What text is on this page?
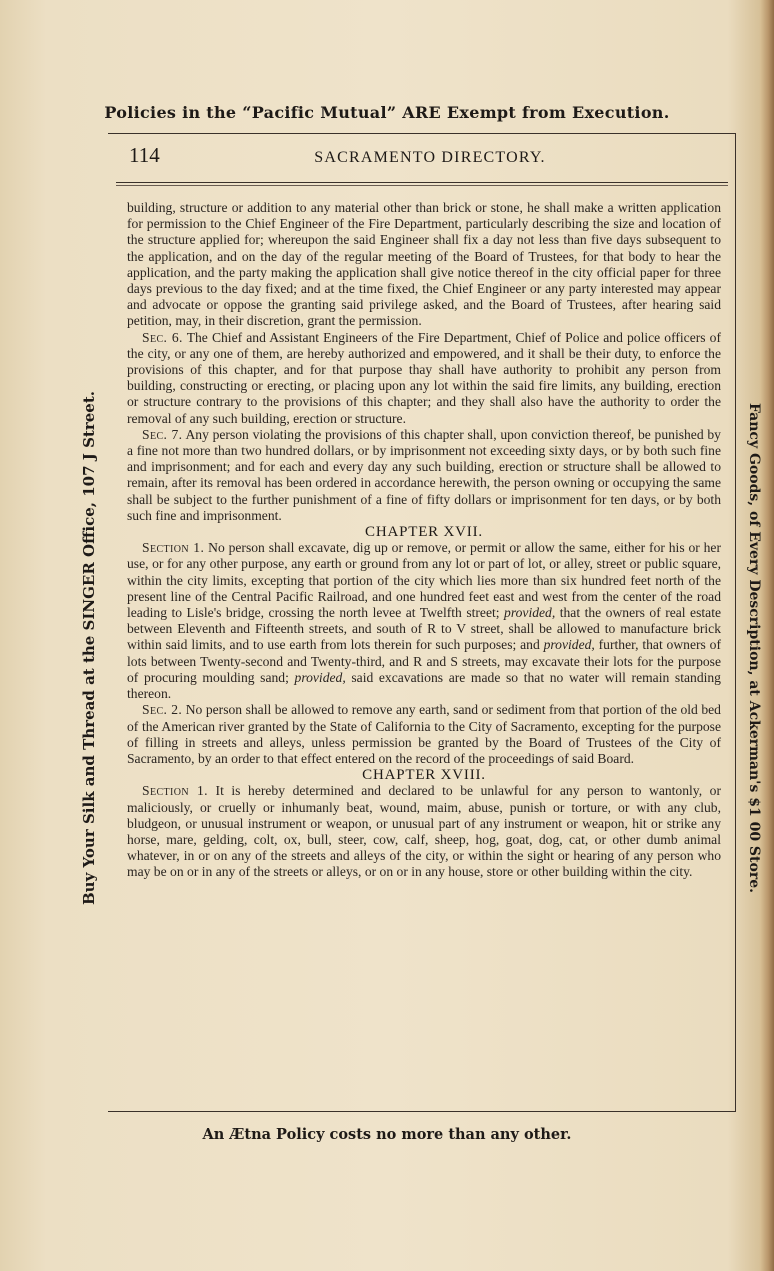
Policies in the “Pacific Mutual” ARE Exempt from Execution.
Buy Your Silk and Thread at the SINGER Office, 107 J Street.	Fancy Goods, of Every Description, at Ackerman's $1 00 Store.
114	SACRAMENTO DIRECTORY.

building, structure or addition to any material other than brick or stone, he shall make a written application for permission to the Chief Engineer of the Fire Department, particularly describing the size and location of the structure applied for; whereupon the said Engineer shall fix a day not less than five days subsequent to the application, and on the day of the regular meeting of the Board of Trustees, for that body to hear the application, and the party making the application shall give notice thereof in the city official paper for three days previous to the day fixed; and at the time fixed, the Chief Engineer or any party interested may appear and advocate or oppose the granting said privilege asked, and the Board of Trustees, after hearing said petition, may, in their discretion, grant the permission.

Sec. 6. The Chief and Assistant Engineers of the Fire Department, Chief of Police and police officers of the city, or any one of them, are hereby authorized and empowered, and it shall be their duty, to enforce the provisions of this chapter, and for that purpose thay shall have authority to prohibit any person from building, constructing or erecting, or placing upon any lot within the said fire limits, any building, erection or structure contrary to the provisions of this chapter; and they shall also have the authority to order the removal of any such building, erection or structure.

Sec. 7. Any person violating the provisions of this chapter shall, upon conviction thereof, be punished by a fine not more than two hundred dollars, or by imprisonment not exceeding sixty days, or by both such fine and imprisonment; and for each and every day any such building, erection or structure shall be allowed to remain, after its removal has been ordered in accordance herewith, the person owning or occupying the same shall be subject to the further punishment of a fine of fifty dollars or imprisonment for ten days, or by both such fine and imprisonment.

CHAPTER XVII.

Section 1. No person shall excavate, dig up or remove, or permit or allow the same, either for his or her use, or for any other purpose, any earth or ground from any lot or part of lot, or alley, street or public square, within the city limits, excepting that portion of the city which lies more than six hundred feet north of the present line of the Central Pacific Railroad, and one hundred feet east and west from the center of the road leading to Lisle's bridge, crossing the north levee at Twelfth street; provided, that the owners of real estate between Eleventh and Fifteenth streets, and south of R to V street, shall be allowed to manufacture brick within said limits, and to use earth from lots therein for such purposes; and provided, further, that owners of lots between Twenty-second and Twenty-third, and R and S streets, may excavate their lots for the purpose of procuring moulding sand; provided, said excavations are made so that no water will remain standing thereon.

Sec. 2. No person shall be allowed to remove any earth, sand or sediment from that portion of the old bed of the American river granted by the State of California to the City of Sacramento, excepting for the purpose of filling in streets and alleys, unless permission be granted by the Board of Trustees of the City of Sacramento, by an order to that effect entered on the record of the proceedings of said Board.

CHAPTER XVIII.

Section 1. It is hereby determined and declared to be unlawful for any person to wantonly, or maliciously, or cruelly or inhumanly beat, wound, maim, abuse, punish or torture, or with any club, bludgeon, or unusual instrument or weapon, or unusual part of any instrument or weapon, hit or strike any horse, mare, gelding, colt, ox, bull, steer, cow, calf, sheep, hog, goat, dog, cat, or other dumb animal whatever, in or on any of the streets and alleys of the city, or within the sight or hearing of any person who may be on or in any of the streets or alleys, or on or in any house, store or other building within the city.

An Ætna Policy costs no more than any other.
